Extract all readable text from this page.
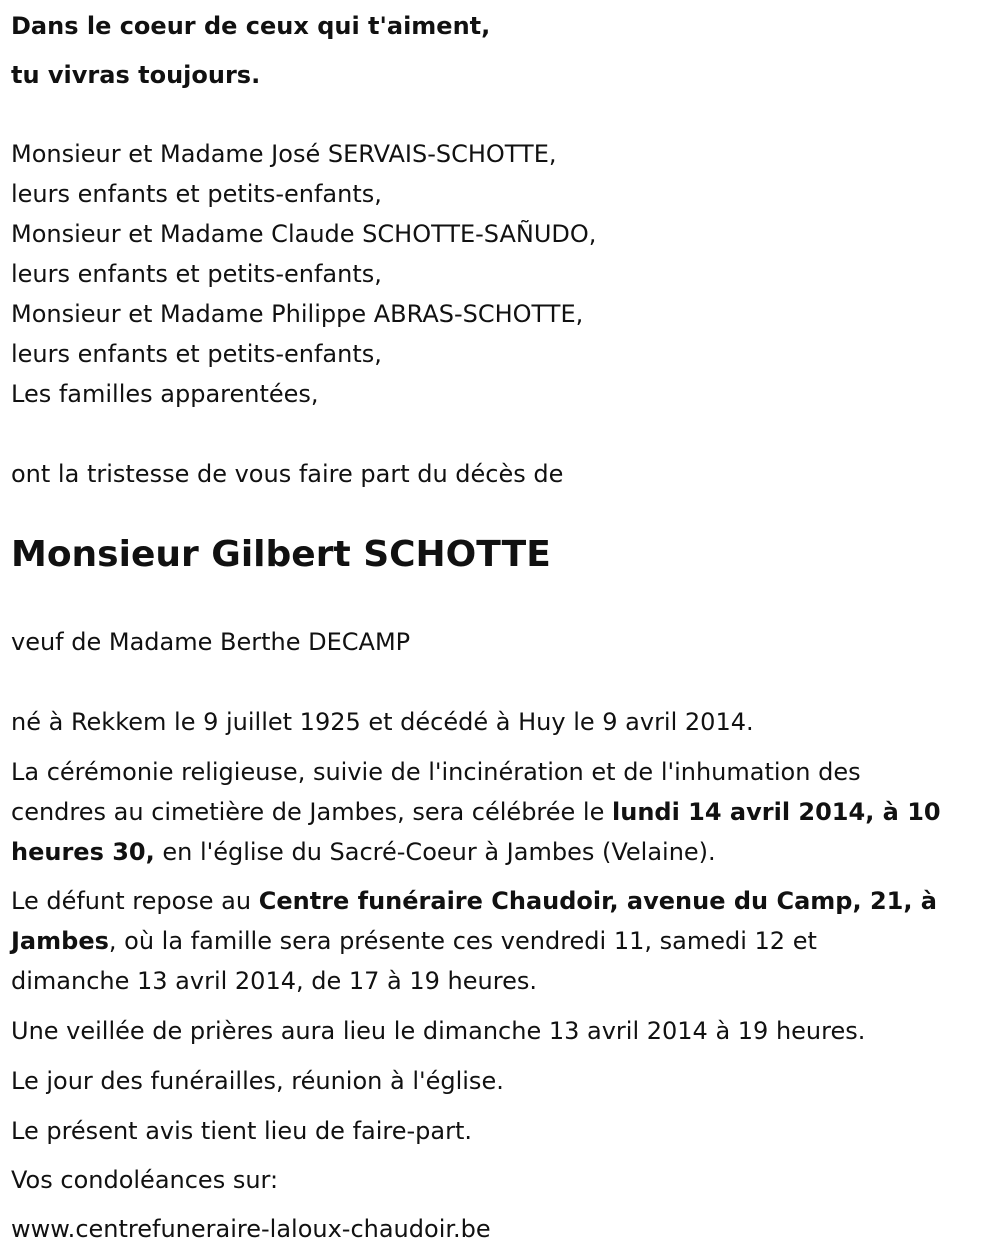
Dans le coeur de ceux qui t'aiment,
tu vivras toujours.
Monsieur et Madame José SERVAIS-SCHOTTE,
leurs enfants et petits-enfants,
Monsieur et Madame Claude SCHOTTE-SAÑUDO,
leurs enfants et petits-enfants,
Monsieur et Madame Philippe ABRAS-SCHOTTE,
leurs enfants et petits-enfants,
Les familles apparentées,
ont la tristesse de vous faire part du décès de
Monsieur Gilbert SCHOTTE
veuf de Madame Berthe DECAMP
né à Rekkem le 9 juillet 1925 et décédé à Huy le 9 avril 2014.
La cérémonie religieuse, suivie de l'incinération et de l'inhumation des
cendres au cimetière de Jambes, sera célébrée le lundi 14 avril 2014, à 10
heures 30, en l'église du Sacré-Coeur à Jambes (Velaine).
Le défunt repose au Centre funéraire Chaudoir, avenue du Camp, 21, à
Jambes, où la famille sera présente ces vendredi 11, samedi 12 et
dimanche 13 avril 2014, de 17 à 19 heures.
Une veillée de prières aura lieu le dimanche 13 avril 2014 à 19 heures.
Le jour des funérailles, réunion à l'église.
Le présent avis tient lieu de faire-part.
Vos condoléances sur:
www.centrefuneraire-laloux-chaudoir.be
